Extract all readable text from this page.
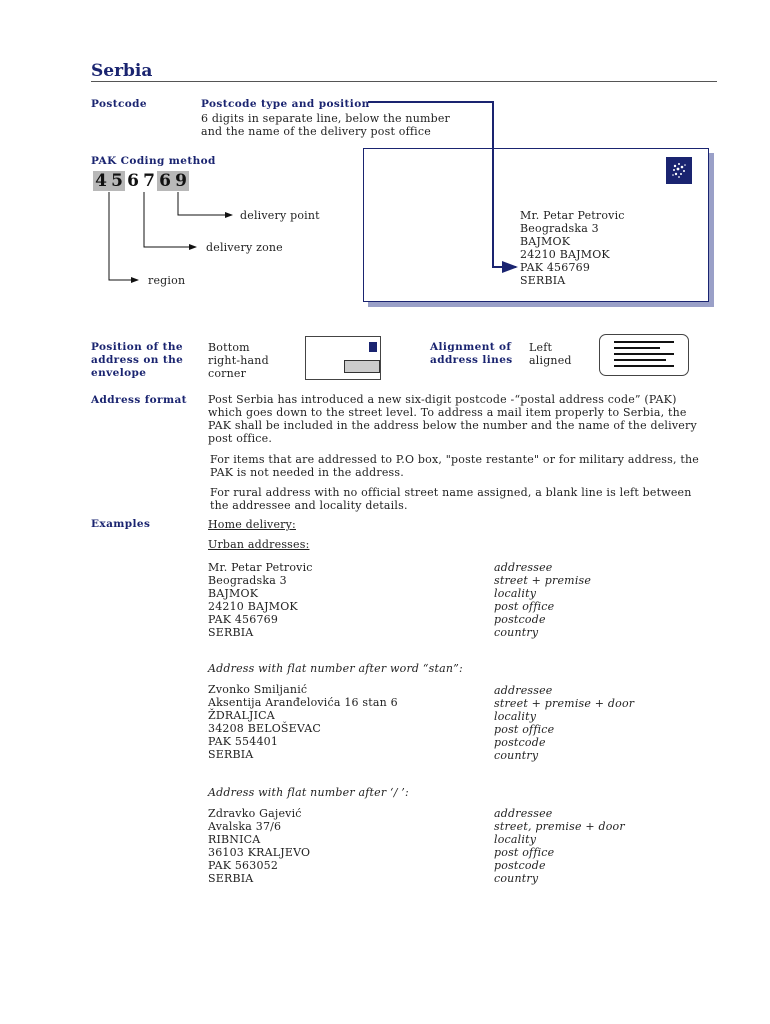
Serbia
Postcode	Postcode type and position
6 digits in separate line, below the number
and the name of the delivery post office
Mr. Petar Petrovic
Beogradska 3
BAJMOK
24210 BAJMOK
PAK 456769
SERBIA
PAK Coding method
4 5 6 7 6 9
delivery point
delivery zone
region
Position of the
address on the
envelope
Bottom
right-hand
corner
Alignment of
address lines
Left
aligned
Address format Post Serbia has introduced a new six-digit postcode -“postal address code” (PAK)
which goes down to the street level. To address a mail item properly to Serbia, the
PAK shall be included in the address below the number and the name of the delivery
post office.
For items that are addressed to P.O box, "poste restante" or for military address, the
PAK is not needed in the address.
For rural address with no official street name assigned, a blank line is left between
the addressee and locality details.
Examples	Home delivery:
Urban addresses:
Mr. Petar Petrovic
Beogradska 3
BAJMOK
24210 BAJMOK
PAK 456769
SERBIA
addressee
street + premise
locality
post office
postcode
country
Address with flat number after word “stan”:
Zvonko Smiljanić
Aksentija Aranđelovića 16 stan 6
ŽDRALJICA
34208 BELOŠEVAC
PAK 554401
SERBIA
addressee
street + premise + door
locality
post office
postcode
country
Address with flat number after ‘/ ’:
Zdravko Gajević
Avalska 37/6
RIBNICA
36103 KRALJEVO
PAK 563052
SERBIA
addressee
street, premise + door
locality
post office
postcode
country
